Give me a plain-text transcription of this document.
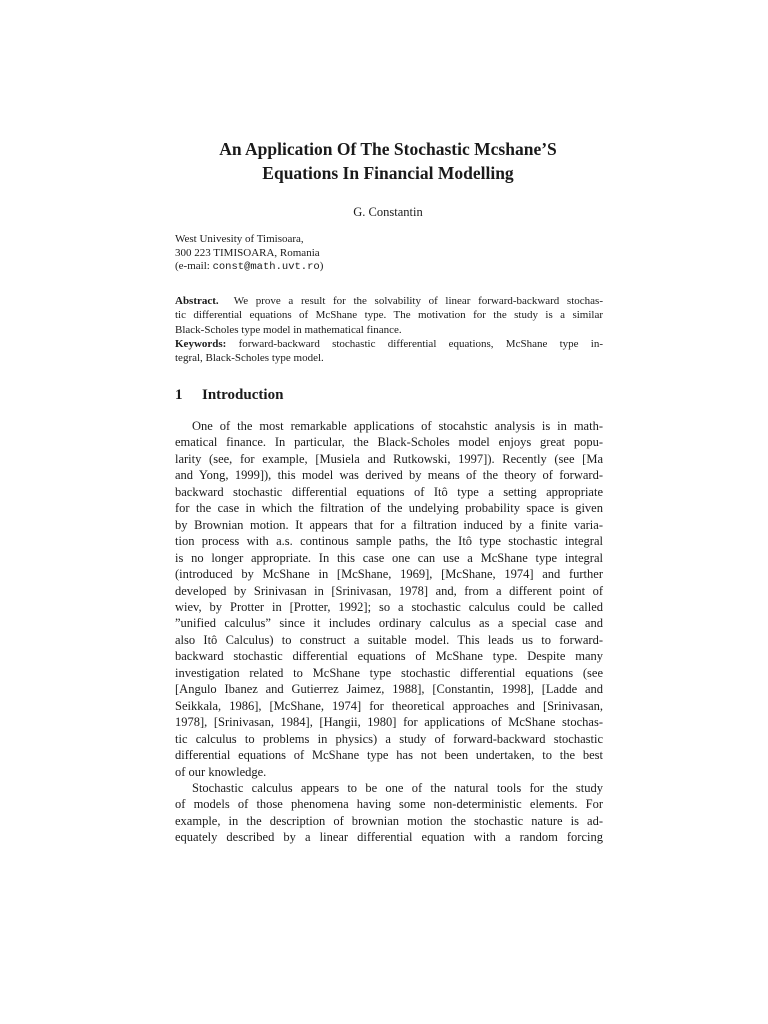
An Application Of The Stochastic Mcshane’S
Equations In Financial Modelling
G. Constantin
West Univesity of Timisoara,
300 223 TIMISOARA, Romania
(e-mail: const@math.uvt.ro)
Abstract. We prove a result for the solvability of linear forward-backward stochas-
tic differential equations of McShane type. The motivation for the study is a similar
Black-Scholes type model in mathematical finance.
Keywords: forward-backward stochastic differential equations, McShane type in-
tegral, Black-Scholes type model.
1 Introduction
One of the most remarkable applications of stocahstic analysis is in math-
ematical finance. In particular, the Black-Scholes model enjoys great popu-
larity (see, for example, [Musiela and Rutkowski, 1997]). Recently (see [Ma
and Yong, 1999]), this model was derived by means of the theory of forward-
backward stochastic differential equations of Itô type a setting appropriate
for the case in which the filtration of the undelying probability space is given
by Brownian motion. It appears that for a filtration induced by a finite varia-
tion process with a.s. continous sample paths, the Itô type stochastic integral
is no longer appropriate. In this case one can use a McShane type integral
(introduced by McShane in [McShane, 1969], [McShane, 1974] and further
developed by Srinivasan in [Srinivasan, 1978] and, from a different point of
wiev, by Protter in [Protter, 1992]; so a stochastic calculus could be called
”unified calculus” since it includes ordinary calculus as a special case and
also Itô Calculus) to construct a suitable model. This leads us to forward-
backward stochastic differential equations of McShane type. Despite many
investigation related to McShane type stochastic differential equations (see
[Angulo Ibanez and Gutierrez Jaimez, 1988], [Constantin, 1998], [Ladde and
Seikkala, 1986], [McShane, 1974] for theoretical approaches and [Srinivasan,
1978], [Srinivasan, 1984], [Hangii, 1980] for applications of McShane stochas-
tic calculus to problems in physics) a study of forward-backward stochastic
differential equations of McShane type has not been undertaken, to the best
of our knowledge.
Stochastic calculus appears to be one of the natural tools for the study
of models of those phenomena having some non-deterministic elements. For
example, in the description of brownian motion the stochastic nature is ad-
equately described by a linear differential equation with a random forcing
